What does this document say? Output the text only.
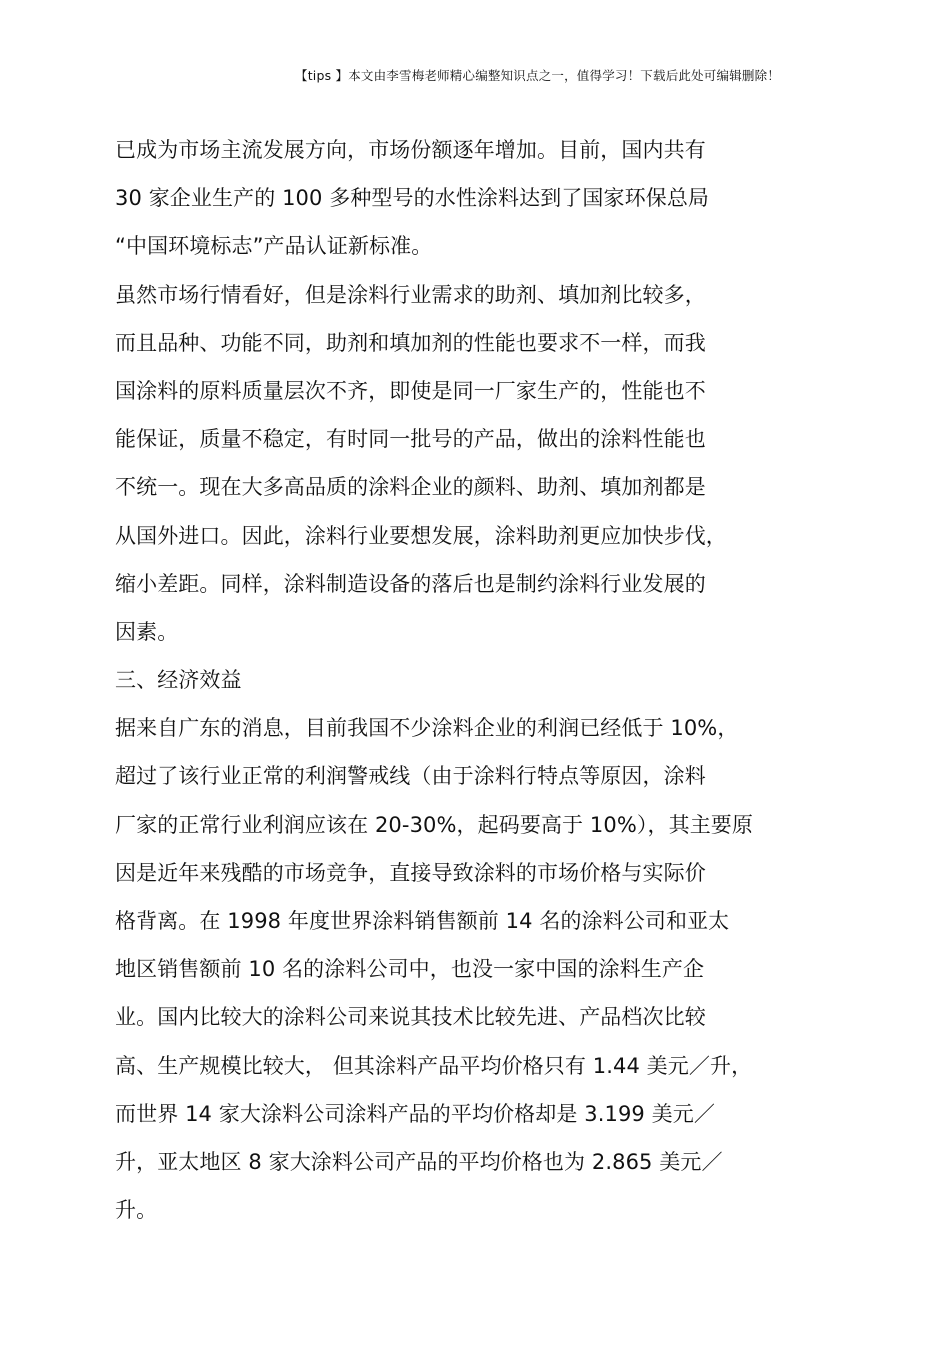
【tips 】本文由李雪梅老师精心编整知识点之一，值得学习！下载后此处可编辑删除！
已成为市场主流发展方向，市场份额逐年增加。目前，国内共有
30 家企业生产的 100 多种型号的水性涂料达到了国家环保总局
“中国环境标志”产品认证新标准。
虽然市场行情看好，但是涂料行业需求的助剂、填加剂比较多，
而且品种、功能不同，助剂和填加剂的性能也要求不一样，而我
国涂料的原料质量层次不齐，即使是同一厂家生产的，性能也不
能保证，质量不稳定，有时同一批号的产品，做出的涂料性能也
不统一。现在大多高品质的涂料企业的颜料、助剂、填加剂都是
从国外进口。因此，涂料行业要想发展，涂料助剂更应加快步伐，
缩小差距。同样，涂料制造设备的落后也是制约涂料行业发展的
因素。
三、经济效益
据来自广东的消息，目前我国不少涂料企业的利润已经低于 10%，
超过了该行业正常的利润警戒线（由于涂料行特点等原因，涂料
厂家的正常行业利润应该在 20-30%，起码要高于 10%），其主要原
因是近年来残酷的市场竞争，直接导致涂料的市场价格与实际价
格背离。在 1998 年度世界涂料销售额前 14 名的涂料公司和亚太
地区销售额前 10 名的涂料公司中，也没一家中国的涂料生产企
业。国内比较大的涂料公司来说其技术比较先进、产品档次比较
高、生产规模比较大， 但其涂料产品平均价格只有 1.44 美元／升，
而世界 14 家大涂料公司涂料产品的平均价格却是 3.199 美元／
升，亚太地区 8 家大涂料公司产品的平均价格也为 2.865 美元／
升。
